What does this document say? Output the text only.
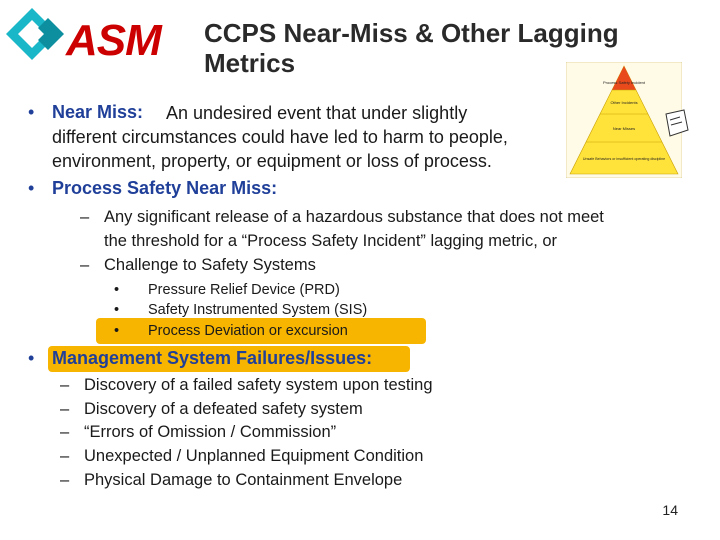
ASM CCPS Near-Miss & Other Lagging Metrics
Process Safety Incident
Other Incidents
Near Misses
Unsafe Behaviors or insufficient operating discipline
• Near Miss: An undesired event that under slightly
different circumstances could have led to harm to people,
environment, property, or equipment or loss of process.
• Process Safety Near Miss:
– Any significant release of a hazardous substance that does not meet
the threshold for a “Process Safety Incident” lagging metric, or
– Challenge to Safety Systems
• Pressure Relief Device (PRD)
• Safety Instrumented System (SIS)
• Process Deviation or excursion
• Management System Failures/Issues:
– Discovery of a failed safety system upon testing
– Discovery of a defeated safety system
– “Errors of Omission / Commission”
– Unexpected / Unplanned Equipment Condition
– Physical Damage to Containment Envelope
14
